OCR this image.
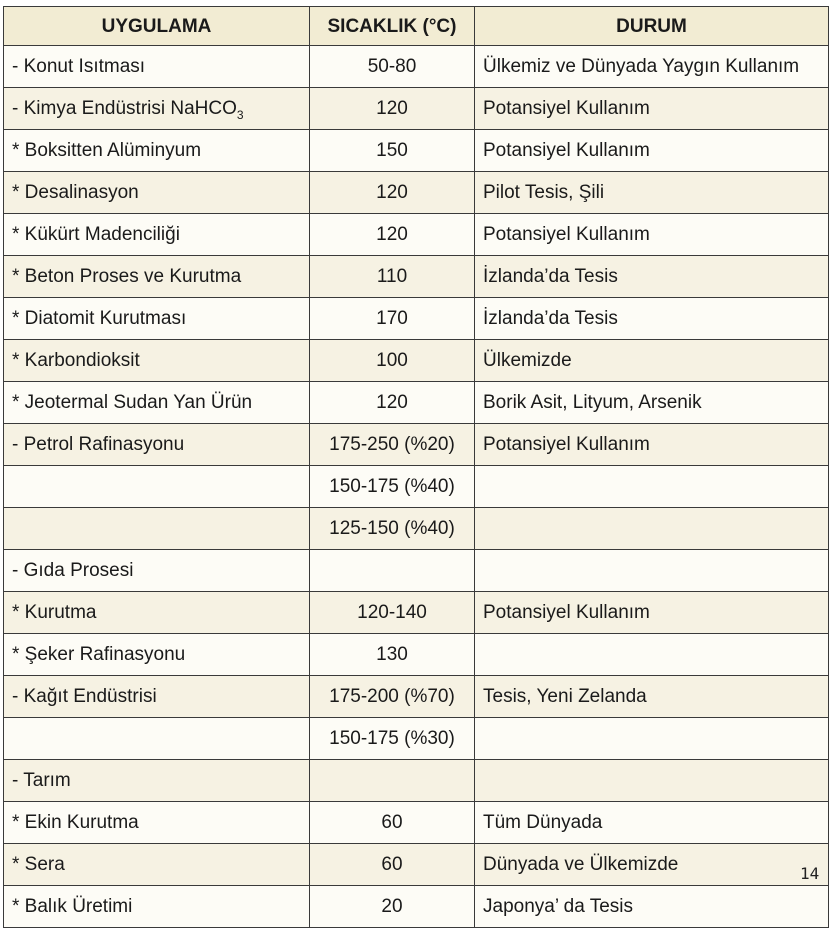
UYGULAMA	SICAKLIK (°C)	DURUM
- Konut Isıtması	50-80	Ülkemiz ve Dünyada Yaygın Kullanım
- Kimya Endüstrisi NaHCO$_3$	120	Potansiyel Kullanım
* Boksitten Alüminyum	150	Potansiyel Kullanım
* Desalinasyon	120	Pilot Tesis, Şili
* Kükürt Madenciliği	120	Potansiyel Kullanım
* Beton Proses ve Kurutma	110	İzlanda’da Tesis
* Diatomit Kurutması	170	İzlanda’da Tesis
* Karbondioksit	100	Ülkemizde
* Jeotermal Sudan Yan Ürün	120	Borik Asit, Lityum, Arsenik
- Petrol Rafinasyonu	175-250 (%20)	Potansiyel Kullanım
	150-175 (%40)	
	125-150 (%40)	
- Gıda Prosesi		
* Kurutma	120-140	Potansiyel Kullanım
* Şeker Rafinasyonu	130	
- Kağıt Endüstrisi	175-200 (%70)	Tesis, Yeni Zelanda
	150-175 (%30)	
- Tarım		
* Ekin Kurutma	60	Tüm Dünyada
* Sera	60	Dünyada ve Ülkemizde
* Balık Üretimi	20	Japonya’ da Tesis
14
